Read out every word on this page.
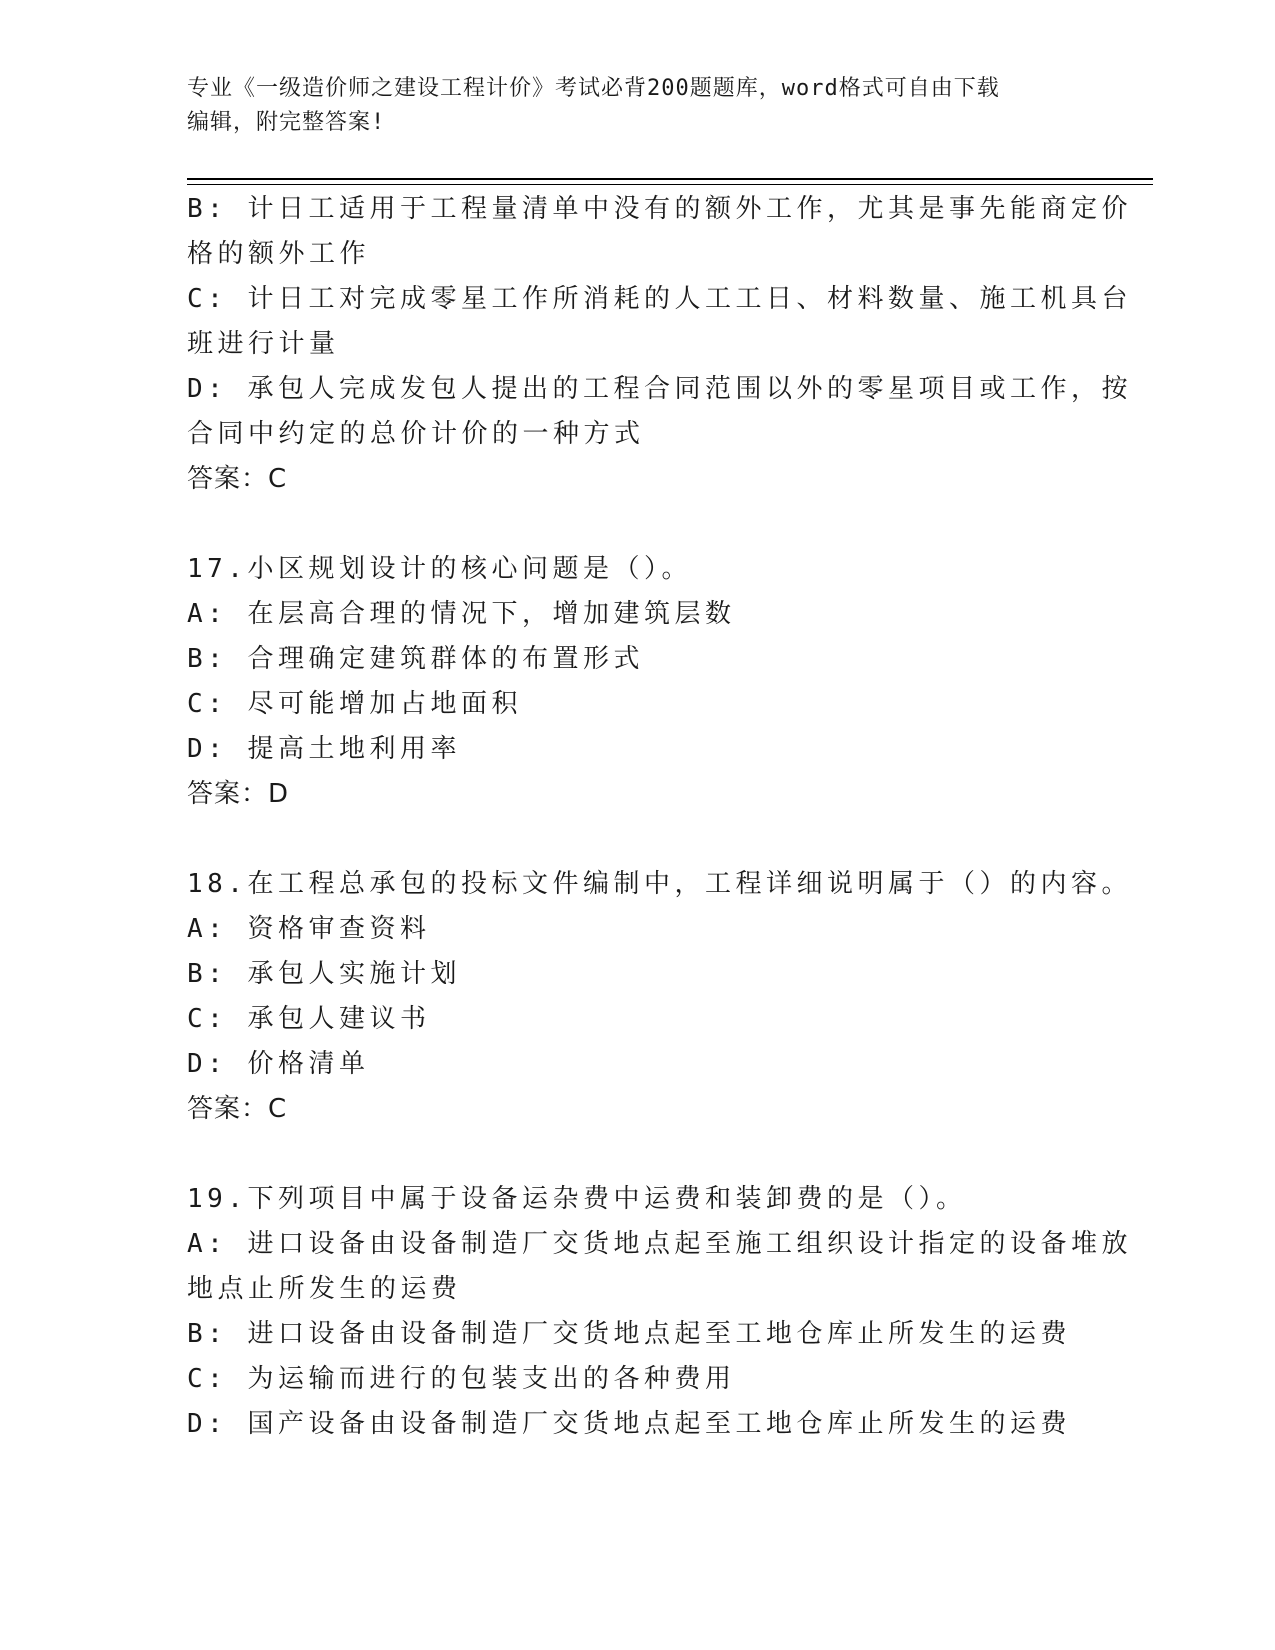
专业《一级造价师之建设工程计价》考试必背200题题库，word格式可自由下载
编辑，附完整答案!
B: 计日工适用于工程量清单中没有的额外工作，尤其是事先能商定价
格的额外工作
C: 计日工对完成零星工作所消耗的人工工日、材料数量、施工机具台
班进行计量
D: 承包人完成发包人提出的工程合同范围以外的零星项目或工作，按
合同中约定的总价计价的一种方式
答案：C
17.小区规划设计的核心问题是（）。
A: 在层高合理的情况下，增加建筑层数
B: 合理确定建筑群体的布置形式
C: 尽可能增加占地面积
D: 提高土地利用率
答案：D
18.在工程总承包的投标文件编制中，工程详细说明属于（）的内容。
A: 资格审查资料
B: 承包人实施计划
C: 承包人建议书
D: 价格清单
答案：C
19.下列项目中属于设备运杂费中运费和装卸费的是（）。
A: 进口设备由设备制造厂交货地点起至施工组织设计指定的设备堆放
地点止所发生的运费
B: 进口设备由设备制造厂交货地点起至工地仓库止所发生的运费
C: 为运输而进行的包装支出的各种费用
D: 国产设备由设备制造厂交货地点起至工地仓库止所发生的运费
